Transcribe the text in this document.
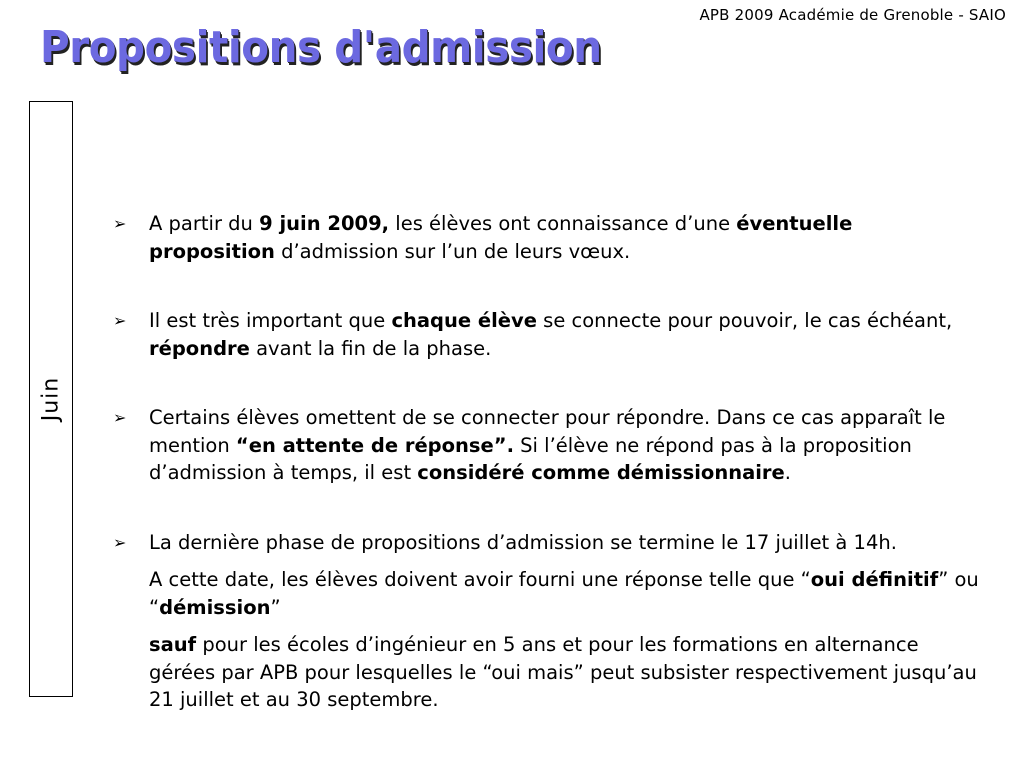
APB 2009 Académie de Grenoble - SAIO
Propositions d'admission
Juin
➢ A partir du 9 juin 2009, les élèves ont connaissance d’une éventuelle proposition d’admission sur l’un de leurs vœux.
➢ Il est très important que chaque élève se connecte pour pouvoir, le cas échéant, répondre avant la fin de la phase.
➢ Certains élèves omettent de se connecter pour répondre. Dans ce cas apparaît le mention “en attente de réponse”. Si l’élève ne répond pas à la proposition d’admission à temps, il est considéré comme démissionnaire.
➢ La dernière phase de propositions d’admission se termine le 17 juillet à 14h.
A cette date, les élèves doivent avoir fourni une réponse telle que “oui définitif” ou “démission”
sauf pour les écoles d’ingénieur en 5 ans et pour les formations en alternance gérées par APB pour lesquelles le “oui mais” peut subsister respectivement jusqu’au 21 juillet et au 30 septembre.
